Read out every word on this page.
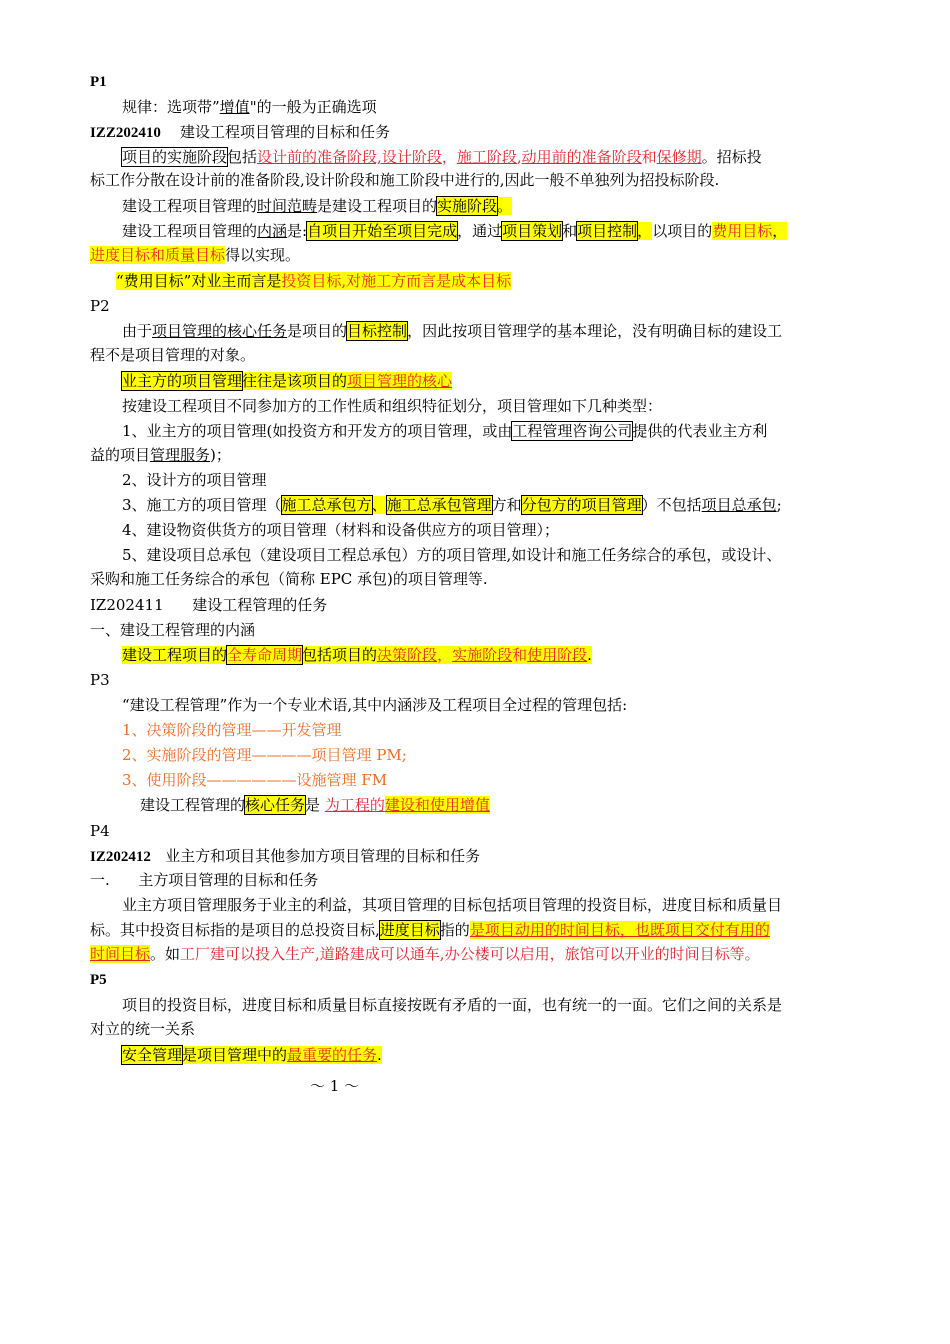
P1
规律：选项带”增值"的一般为正确选项
IZZ202410 建设工程项目管理的目标和任务
项目的实施阶段包括设计前的准备阶段,设计阶段，施工阶段,动用前的准备阶段和保修期。招标投
标工作分散在设计前的准备阶段,设计阶段和施工阶段中进行的,因此一般不单独列为招投标阶段.
建设工程项目管理的时间范畴是建设工程项目的实施阶段。
建设工程项目管理的内涵是:自项目开始至项目完成，通过项目策划和项目控制，以项目的费用目标，
进度目标和质量目标得以实现。
“费用目标”对业主而言是投资目标,对施工方而言是成本目标
P2
由于项目管理的核心任务是项目的目标控制，因此按项目管理学的基本理论，没有明确目标的建设工
程不是项目管理的对象。
业主方的项目管理往往是该项目的项目管理的核心
按建设工程项目不同参加方的工作性质和组织特征划分，项目管理如下几种类型：
1、业主方的项目管理(如投资方和开发方的项目管理，或由工程管理咨询公司提供的代表业主方利
益的项目管理服务)；
2、设计方的项目管理
3、施工方的项目管理（施工总承包方、施工总承包管理方和分包方的项目管理）不包括项目总承包;
4、建设物资供货方的项目管理（材料和设备供应方的项目管理）；
5、建设项目总承包（建设项目工程总承包）方的项目管理,如设计和施工任务综合的承包，或设计、
采购和施工任务综合的承包（简称 EPC 承包)的项目管理等.
IZ202411 建设工程管理的任务
一、建设工程管理的内涵
建设工程项目的全寿命周期包括项目的决策阶段，实施阶段和使用阶段.
P3
“建设工程管理”作为一个专业术语,其中内涵涉及工程项目全过程的管理包括:
1、决策阶段的管理——开发管理
2、实施阶段的管理————项目管理 PM;
3、使用阶段——————设施管理 FM
建设工程管理的核心任务是 为工程的建设和使用增值
P4
IZ202412 业主方和项目其他参加方项目管理的目标和任务
一. 主方项目管理的目标和任务
业主方项目管理服务于业主的利益，其项目管理的目标包括项目管理的投资目标，进度目标和质量目
标。其中投资目标指的是项目的总投资目标,进度目标指的是项目动用的时间目标，也既项目交付有用的
时间目标。如工厂建可以投入生产,道路建成可以通车,办公楼可以启用，旅馆可以开业的时间目标等。
P5
项目的投资目标，进度目标和质量目标直接按既有矛盾的一面，也有统一的一面。它们之间的关系是
对立的统一关系
安全管理是项目管理中的最重要的任务.
～ 1 ～
